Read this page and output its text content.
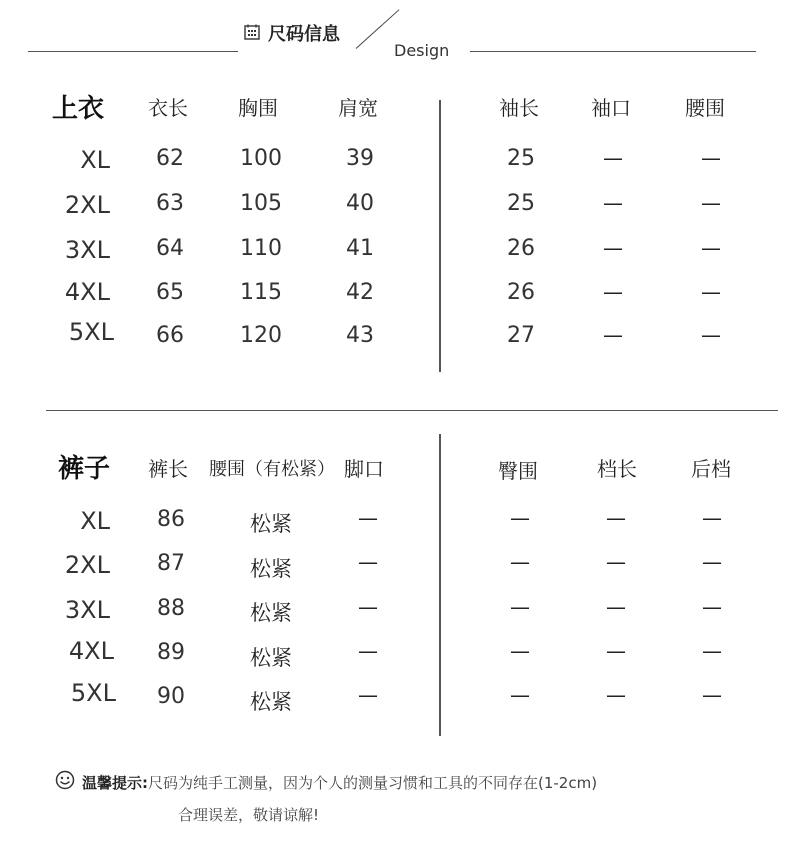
尺码信息
Design
上衣 衣长	胸围	肩宽	袖长	袖口	腰围
XL 62	100	39	25	—	—
2XL 63	105	40	25	—	—
3XL 64	110	41	26	—	—
4XL 65	115	42	26	—	—
5XL 66	120	43	27	—	—
裤子 裤长 腰围（有松紧） 脚口	臀围	档长	后档
XL 86	松紧	—	—	—	—
2XL 87	松紧	—	—	—	—
3XL 88	松紧	—	—	—	—
4XL 89	松紧	—	—	—	—
5XL 90	松紧	—	—	—	—
温馨提示:尺码为纯手工测量，因为个人的测量习惯和工具的不同存在(1-2cm)
合理误差，敬请谅解!
